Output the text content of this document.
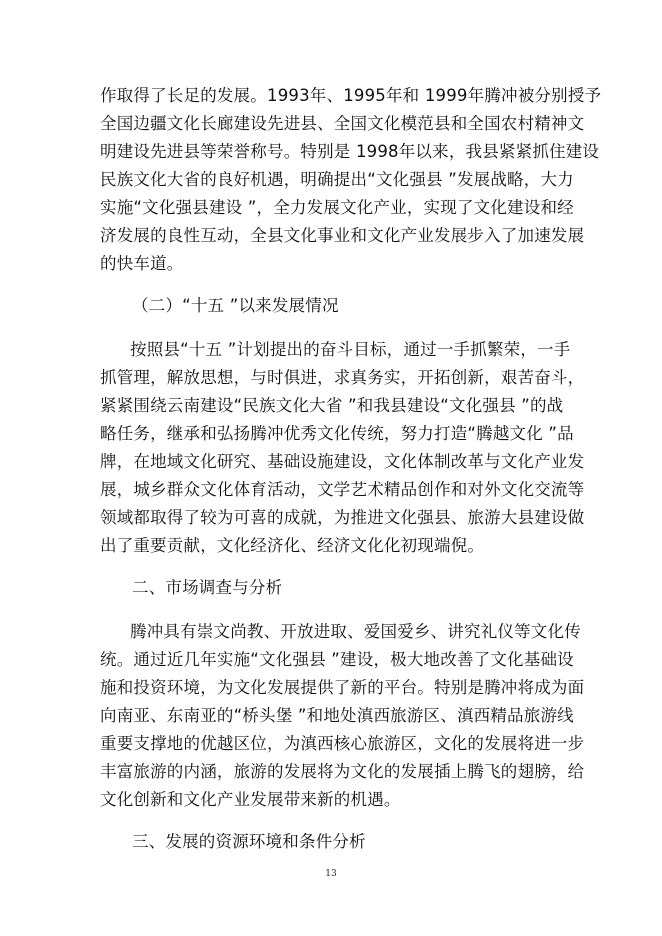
作取得了长足的发展。1993年、1995年和 1999年腾冲被分别授予
全国边疆文化长廊建设先进县、全国文化模范县和全国农村精神文
明建设先进县等荣誉称号。特别是 1998年以来，我县紧紧抓住建设
民族文化大省的良好机遇，明确提出“文化强县 ”发展战略，大力
实施“文化强县建设 ”，全力发展文化产业，实现了文化建设和经
济发展的良性互动，全县文化事业和文化产业发展步入了加速发展
的快车道。
（二）“十五 ”以来发展情况
按照县“十五 ”计划提出的奋斗目标，通过一手抓繁荣，一手
抓管理，解放思想，与时俱进，求真务实，开拓创新，艰苦奋斗，
紧紧围绕云南建设“民族文化大省 ”和我县建设“文化强县 ”的战
略任务，继承和弘扬腾冲优秀文化传统，努力打造“腾越文化 ”品
牌，在地域文化研究、基础设施建设，文化体制改革与文化产业发
展，城乡群众文化体育活动，文学艺术精品创作和对外文化交流等
领域都取得了较为可喜的成就，为推进文化强县、旅游大县建设做
出了重要贡献，文化经济化、经济文化化初现端倪。
二、市场调查与分析
腾冲具有崇文尚教、开放进取、爱国爱乡、讲究礼仪等文化传
统。通过近几年实施“文化强县 ”建设，极大地改善了文化基础设
施和投资环境，为文化发展提供了新的平台。特别是腾冲将成为面
向南亚、东南亚的“桥头堡 ”和地处滇西旅游区、滇西精品旅游线
重要支撑地的优越区位，为滇西核心旅游区，文化的发展将进一步
丰富旅游的内涵，旅游的发展将为文化的发展插上腾飞的翅膀，给
文化创新和文化产业发展带来新的机遇。
三、发展的资源环境和条件分析
13
